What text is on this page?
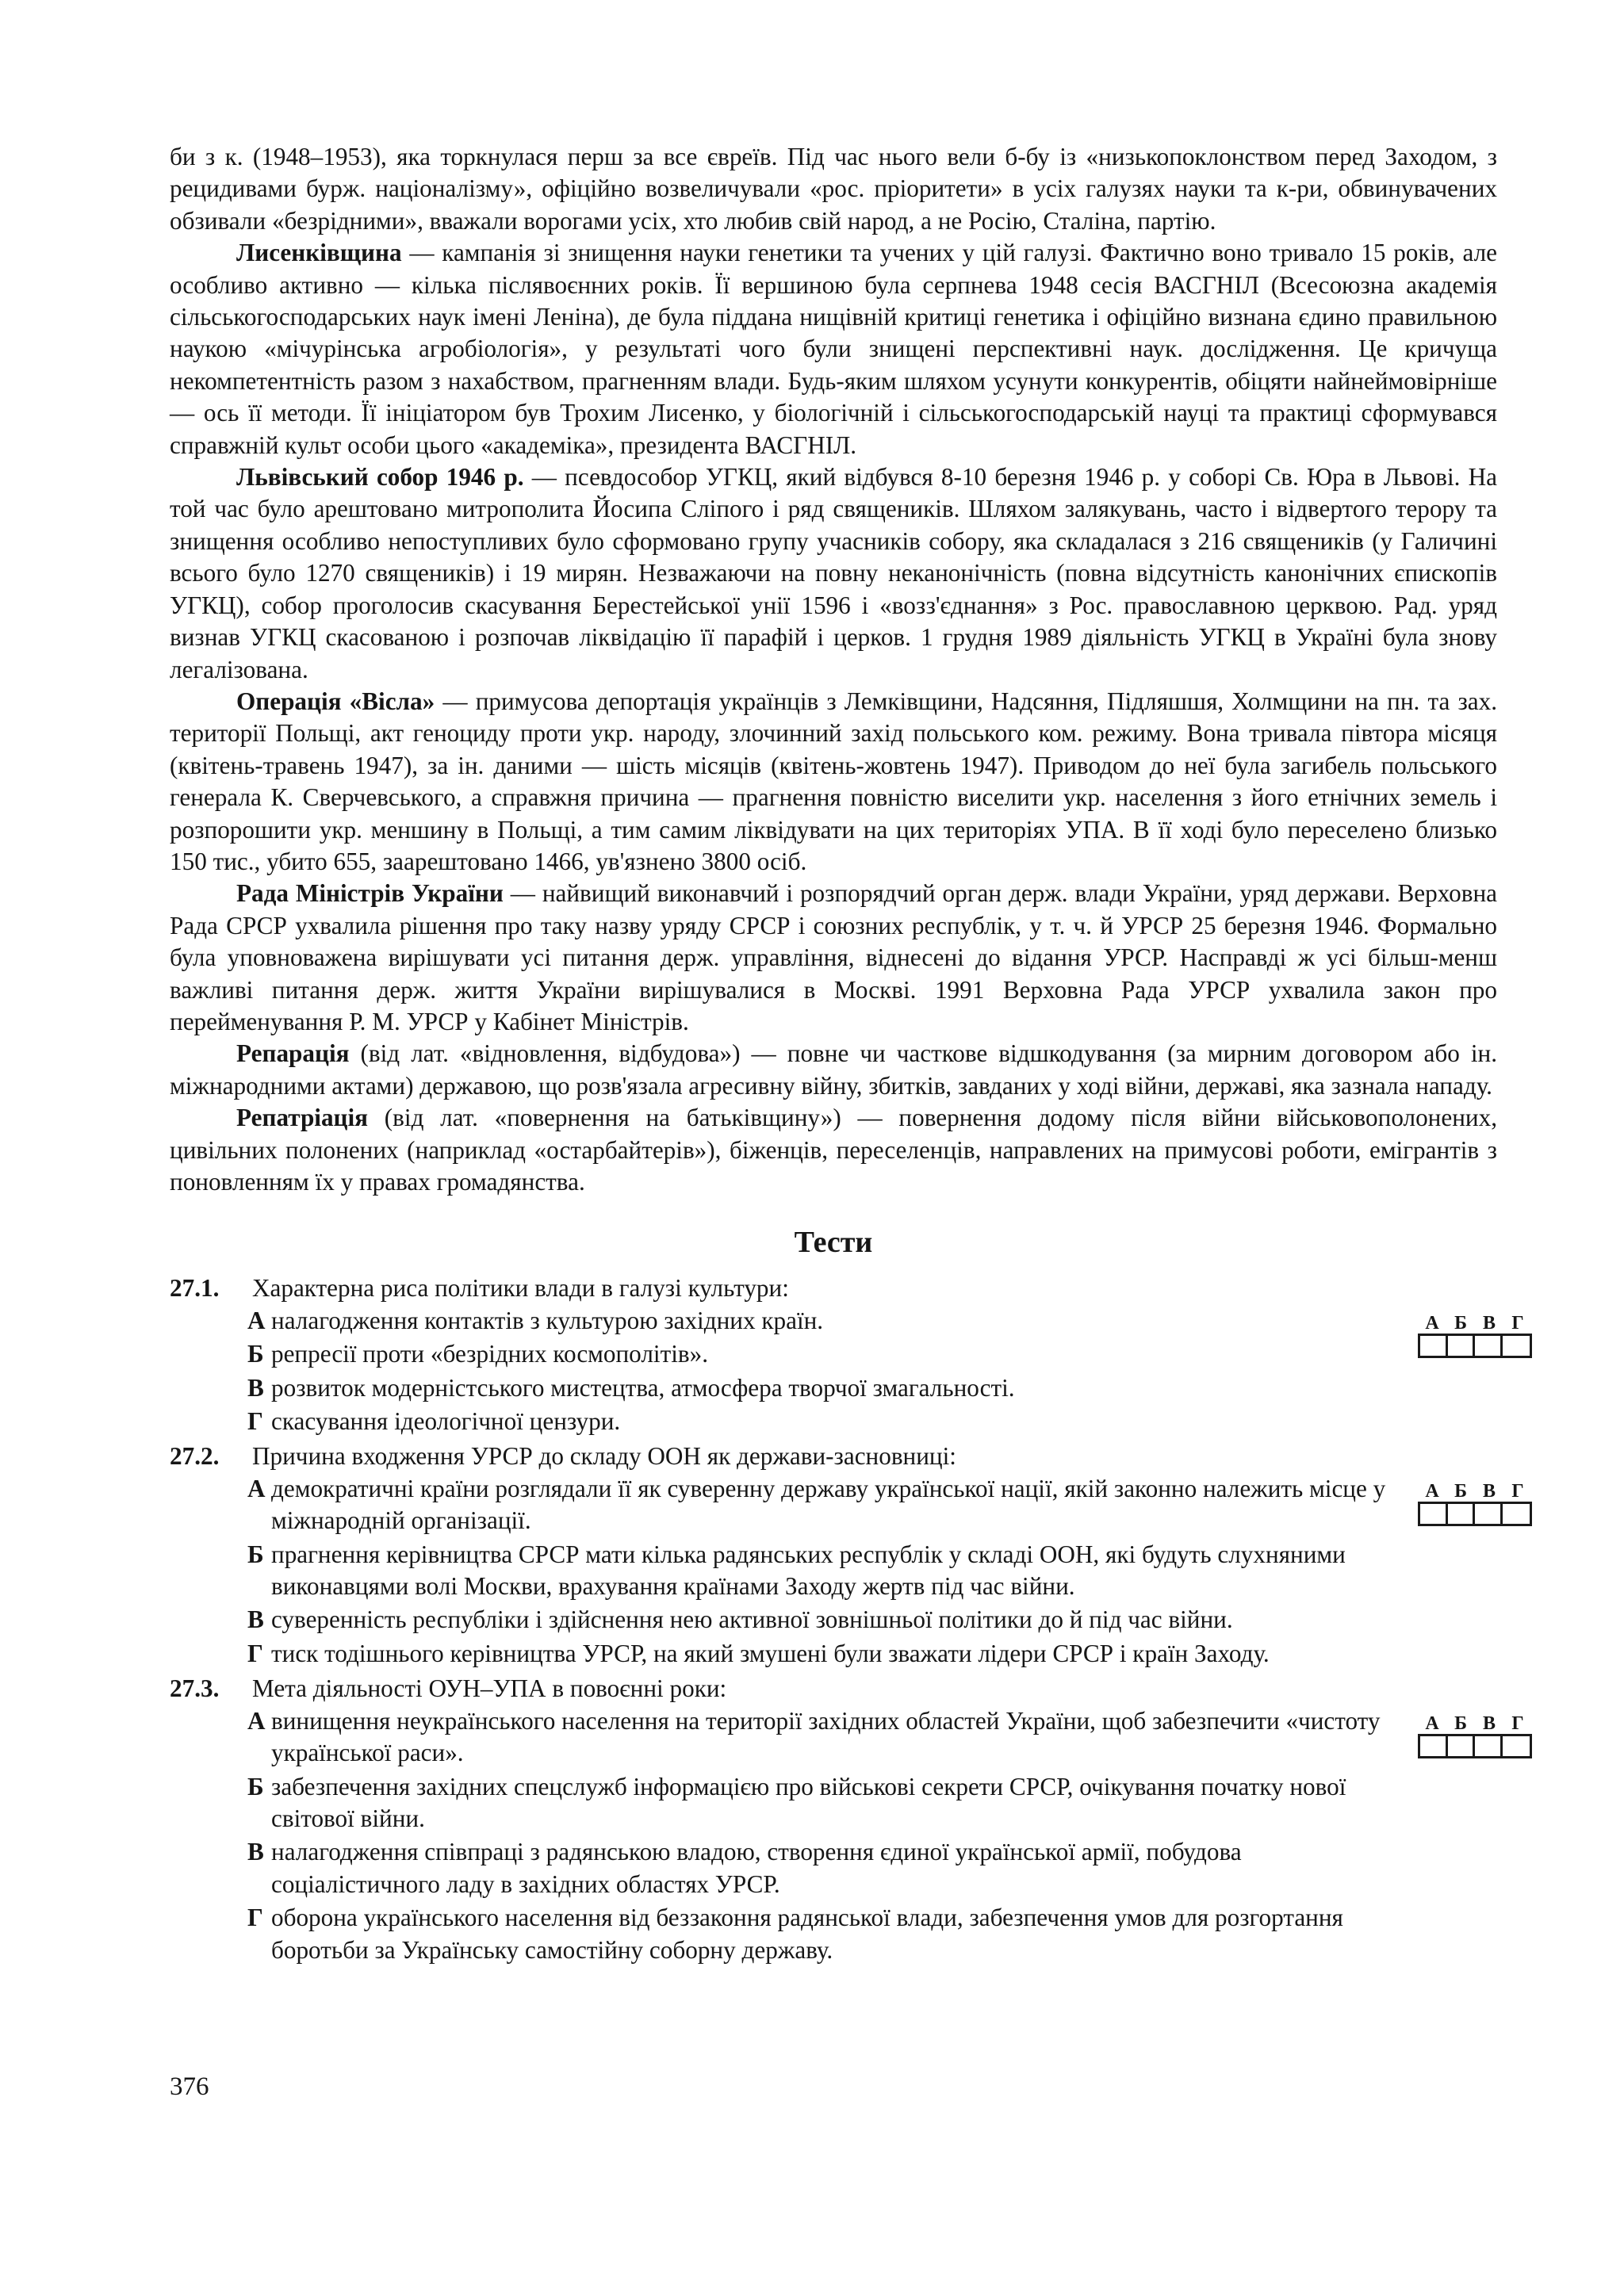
би з к. (1948–1953), яка торкнулася перш за все євреїв. Під час нього вели б-бу із «низькопоклонством перед Заходом, з рецидивами бурж. націоналізму», офіційно возвеличували «рос. пріоритети» в усіх галузях науки та к-ри, обвинувачених обзивали «безрідними», вважали ворогами усіх, хто любив свій народ, а не Росію, Сталіна, партію.

Лисенківщина — кампанія зі знищення науки генетики та учених у цій галузі. Фактично воно тривало 15 років, але особливо активно — кілька післявоєнних років. Її вершиною була серпнева 1948 сесія ВАСГНІЛ (Всесоюзна академія сільськогосподарських наук імені Леніна), де була піддана нищівній критиці генетика і офіційно визнана єдино правильною наукою «мічурінська агробіологія», у результаті чого були знищені перспективні наук. дослідження. Це кричуща некомпетентність разом з нахабством, прагненням влади. Будь-яким шляхом усунути конкурентів, обіцяти найнеймовірніше — ось її методи. Її ініціатором був Трохим Лисенко, у біологічній і сільськогосподарській науці та практиці сформувався справжній культ особи цього «академіка», президента ВАСГНІЛ.

Львівський собор 1946 р. — псевдособор УГКЦ, який відбувся 8-10 березня 1946 р. у соборі Св. Юра в Львові. На той час було арештовано митрополита Йосипа Сліпого і ряд священиків. Шляхом залякувань, часто і відвертого терору та знищення особливо непоступливих було сформовано групу учасників собору, яка складалася з 216 священиків (у Галичині всього було 1270 священиків) і 19 мирян. Незважаючи на повну неканонічність (повна відсутність канонічних єпископів УГКЦ), собор проголосив скасування Берестейської унії 1596 і «возз'єднання» з Рос. православною церквою. Рад. уряд визнав УГКЦ скасованою і розпочав ліквідацію її парафій і церков. 1 грудня 1989 діяльність УГКЦ в Україні була знову легалізована.

Операція «Вісла» — примусова депортація українців з Лемківщини, Надсяння, Підляшшя, Холмщини на пн. та зах. території Польщі, акт геноциду проти укр. народу, злочинний захід польського ком. режиму. Вона тривала півтора місяця (квітень-травень 1947), за ін. даними — шість місяців (квітень-жовтень 1947). Приводом до неї була загибель польського генерала К. Сверчевського, а справжня причина — прагнення повністю виселити укр. населення з його етнічних земель і розпорошити укр. меншину в Польщі, а тим самим ліквідувати на цих територіях УПА. В її ході було переселено близько 150 тис., убито 655, заарештовано 1466, ув'язнено 3800 осіб.

Рада Міністрів України — найвищий виконавчий і розпорядчий орган держ. влади України, уряд держави. Верховна Рада СРСР ухвалила рішення про таку назву уряду СРСР і союзних республік, у т. ч. й УРСР 25 березня 1946. Формально була уповноважена вирішувати усі питання держ. управління, віднесені до відання УРСР. Насправді ж усі більш-менш важливі питання держ. життя України вирішувалися в Москві. 1991 Верховна Рада УРСР ухвалила закон про перейменування Р. М. УРСР у Кабінет Міністрів.

Репарація (від лат. «відновлення, відбудова») — повне чи часткове відшкодування (за мирним договором або ін. міжнародними актами) державою, що розв'язала агресивну війну, збитків, завданих у ході війни, державі, яка зазнала нападу.

Репатріація (від лат. «повернення на батьківщину») — повернення додому після війни військовополонених, цивільних полонених (наприклад «остарбайтерів»), біженців, переселенців, направлених на примусові роботи, емігрантів з поновленням їх у правах громадянства.

Тести
27.1.	Характерна риса політики влади в галузі культури:
А налагодження контактів з культурою західних країн.
Б репресії проти «безрідних космополітів».
В розвиток модерністського мистецтва, атмосфера творчої змагальності.
Г скасування ідеологічної цензури.
А Б В Г
27.2.	Причина входження УРСР до складу ООН як держави-засновниці:
А демократичні країни розглядали її як суверенну державу української нації, якій законно належить місце у міжнародній організації.
Б прагнення керівництва СРСР мати кілька радянських республік у складі ООН, які будуть слухняними виконавцями волі Москви, врахування країнами Заходу жертв під час війни.
В суверенність республіки і здійснення нею активної зовнішньої політики до й під час війни.
Г тиск тодішнього керівництва УРСР, на який змушені були зважати лідери СРСР і країн Заходу.
А Б В Г
27.3.	Мета діяльності ОУН–УПА в повоєнні роки:
А винищення неукраїнського населення на території західних областей України, щоб забезпечити «чистоту української раси».
Б забезпечення західних спецслужб інформацією про військові секрети СРСР, очікування початку нової світової війни.
В налагодження співпраці з радянською владою, створення єдиної української армії, побудова соціалістичного ладу в західних областях УРСР.
Г оборона українського населення від беззаконня радянської влади, забезпечення умов для розгортання боротьби за Українську самостійну соборну державу.
А Б В Г
376
